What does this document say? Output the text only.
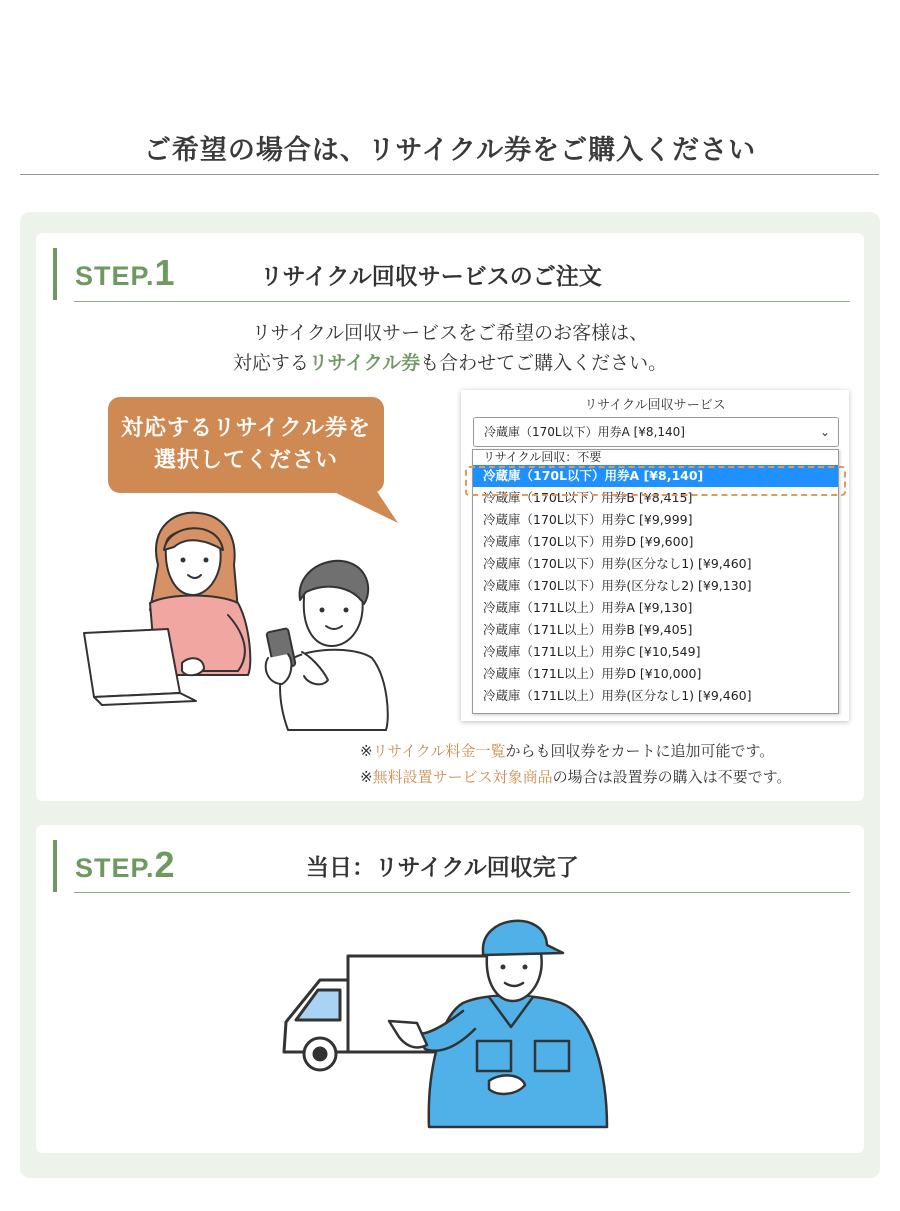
ご希望の場合は、リサイクル券をご購入ください
STEP.1	リサイクル回収サービスのご注文
リサイクル回収サービスをご希望のお客様は、
対応するリサイクル券も合わせてご購入ください。
対応するリサイクル券を
選択してください
リサイクル回収サービス
冷蔵庫（170L以下）用券A [¥8,140]	⌄
リサイクル回収：不要
冷蔵庫（170L以下）用券A [¥8,140]
冷蔵庫（170L以下）用券B [¥8,415]
冷蔵庫（170L以下）用券C [¥9,999]
冷蔵庫（170L以下）用券D [¥9,600]
冷蔵庫（170L以下）用券(区分なし1) [¥9,460]
冷蔵庫（170L以下）用券(区分なし2) [¥9,130]
冷蔵庫（171L以上）用券A [¥9,130]
冷蔵庫（171L以上）用券B [¥9,405]
冷蔵庫（171L以上）用券C [¥10,549]
冷蔵庫（171L以上）用券D [¥10,000]
冷蔵庫（171L以上）用券(区分なし1) [¥9,460]
※リサイクル料金一覧からも回収券をカートに追加可能です。
※無料設置サービス対象商品の場合は設置券の購入は不要です。
STEP.2	当日：リサイクル回収完了
